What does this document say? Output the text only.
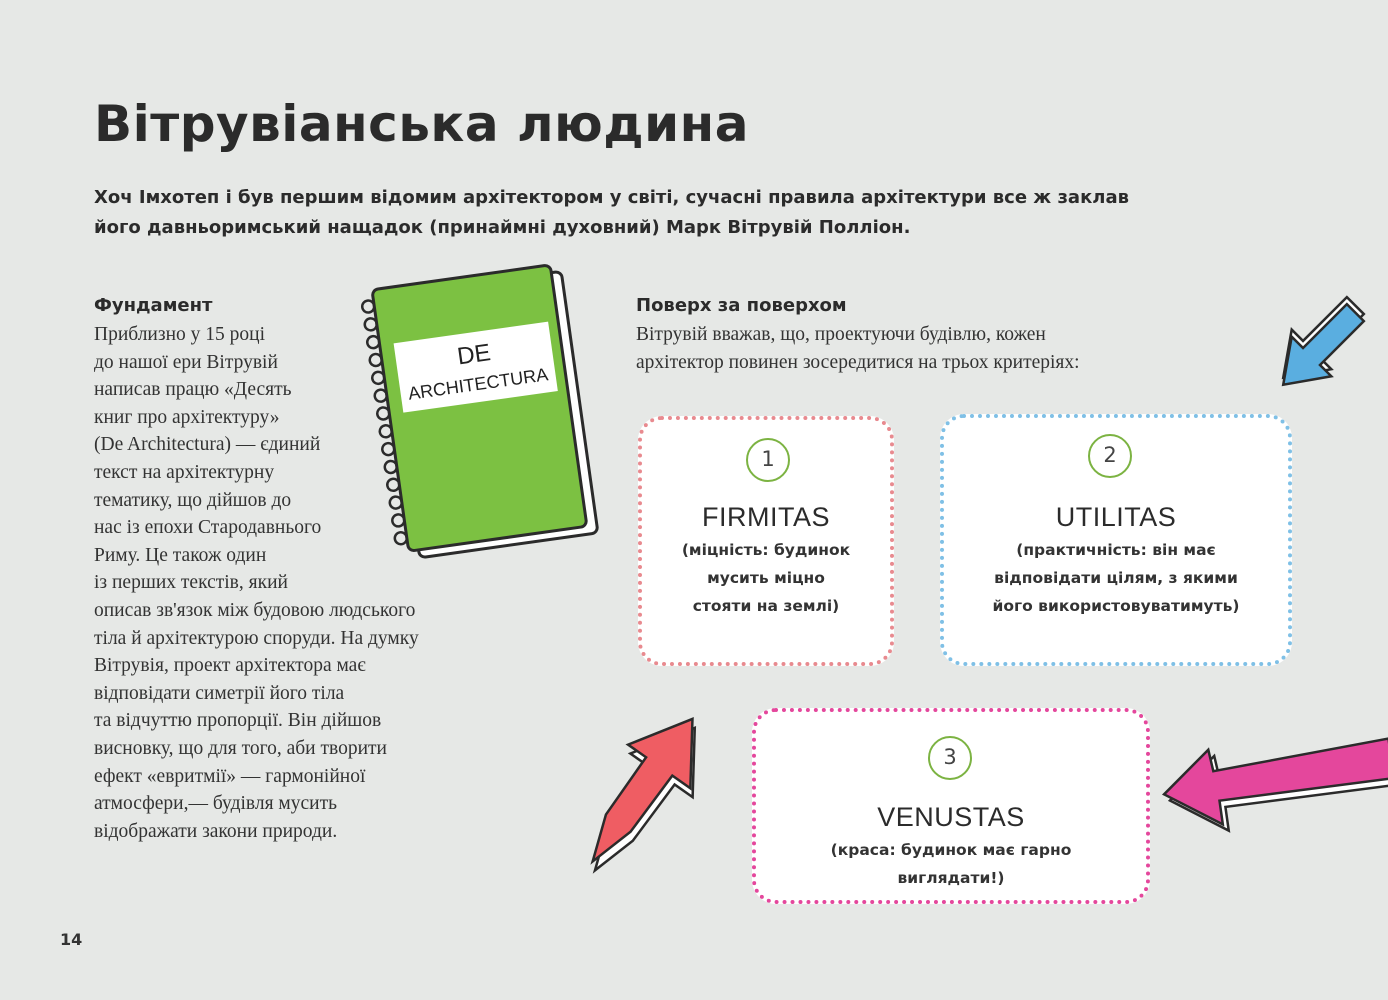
Вітрувіанська людина
Хоч Імхотеп і був першим відомим архітектором у світі, сучасні правила архітектури все ж заклав
його давньоримський нащадок (принаймні духовний) Марк Вітрувій Полліон.
Фундамент
Приблизно у 15 році
до нашої ери Вітрувій
написав працю «Десять
книг про архітектуру»
(De Architectura) — єдиний
текст на архітектурну
тематику, що дійшов до
нас із епохи Стародавнього
Риму. Це також один
із перших текстів, який
описав зв'язок між будовою людського
тіла й архітектурою споруди. На думку
Вітрувія, проект архітектора має
відповідати симетрії його тіла
та відчуттю пропорції. Він дійшов
висновку, що для того, аби творити
ефект «евритмії» — гармонійної
атмосфери,— будівля мусить
відображати закони природи.
DE
ARCHITECTURA
Поверх за поверхом
Вітрувій вважав, що, проектуючи будівлю, кожен
архітектор повинен зосередитися на трьох критеріях:
1
FIRMITAS
(міцність: будинок
мусить міцно
стояти на землі)
2
UTILITAS
(практичність: він має
відповідати цілям, з якими
його використовуватимуть)
3
VENUSTAS
(краса: будинок має гарно
виглядати!)
14
